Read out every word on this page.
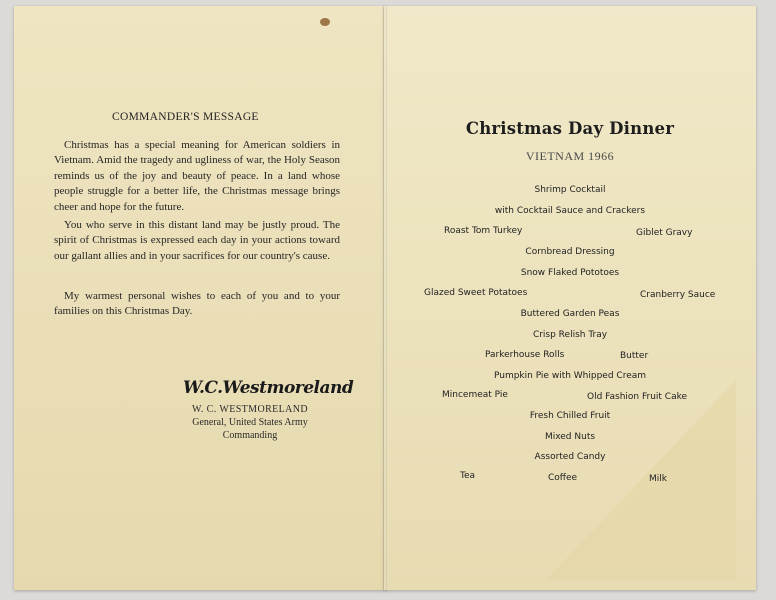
COMMANDER'S MESSAGE

Christmas has a special meaning for American soldiers in Vietnam. Amid the tragedy and ugliness of war, the Holy Season reminds us of the joy and beauty of peace. In a land whose people struggle for a better life, the Christmas message brings cheer and hope for the future.

You who serve in this distant land may be justly proud. The spirit of Christmas is expressed each day in your actions toward our gallant allies and in your sacrifices for our country's cause.

My warmest personal wishes to each of you and to your families on this Christmas Day.

W.C.Westmoreland
W. C. WESTMORELAND
General, United States Army
Commanding
Christmas Day Dinner
VIETNAM 1966
Shrimp Cocktail
with Cocktail Sauce and Crackers
Roast Tom Turkey	Giblet Gravy
Cornbread Dressing
Snow Flaked Pototoes
Glazed Sweet Potatoes	Cranberry Sauce
Buttered Garden Peas
Crisp Relish Tray
Parkerhouse Rolls	Butter
Pumpkin Pie with Whipped Cream
Mincemeat Pie	Old Fashion Fruit Cake
Fresh Chilled Fruit
Mixed Nuts
Assorted Candy
Tea	Coffee	Milk
